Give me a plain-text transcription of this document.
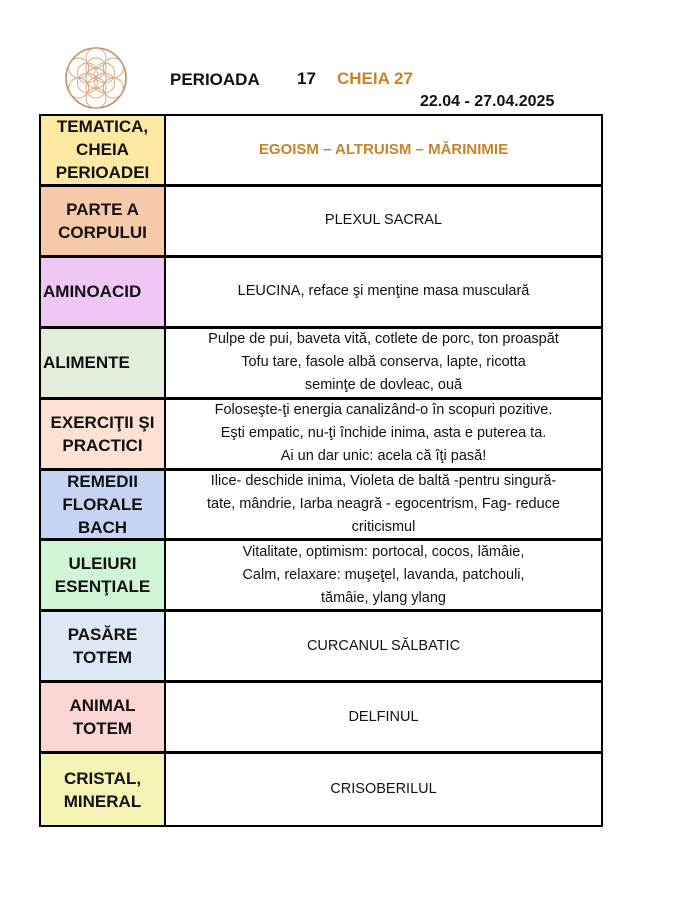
PERIOADA 17 CHEIA 27
22.04 - 27.04.2025
TEMATICA, CHEIA PERIOADEI
EGOISM – ALTRUISM – MĂRINIMIE
PARTE A CORPULUI
PLEXUL SACRAL
AMINOACID	LEUCINA, reface şi menţine masa musculară
ALIMENTE
Pulpe de pui, baveta vită, cotlete de porc, ton proaspăt
Tofu tare, fasole albă conserva, lapte, ricotta
seminţe de dovleac, ouă
EXERCIŢII ŞI PRACTICI
Foloseşte-ţi energia canalizând-o în scopuri pozitive.
Eşti empatic, nu-ţi închide inima, asta e puterea ta.
Ai un dar unic: acela că îţi pasă!
REMEDII FLORALE BACH
Ilice- deschide inima, Violeta de baltă -pentru singură-
tate, mândrie, Iarba neagră - egocentrism, Fag- reduce
criticismul
ULEIURI ESENŢIALE
Vitalitate, optimism: portocal, cocos, lămâie,
Calm, relaxare: muşeţel, lavanda, patchouli,
tămâie, ylang ylang
PASĂRE TOTEM
CURCANUL SĂLBATIC
ANIMAL TOTEM
DELFINUL
CRISTAL, MINERAL
CRISOBERILUL
